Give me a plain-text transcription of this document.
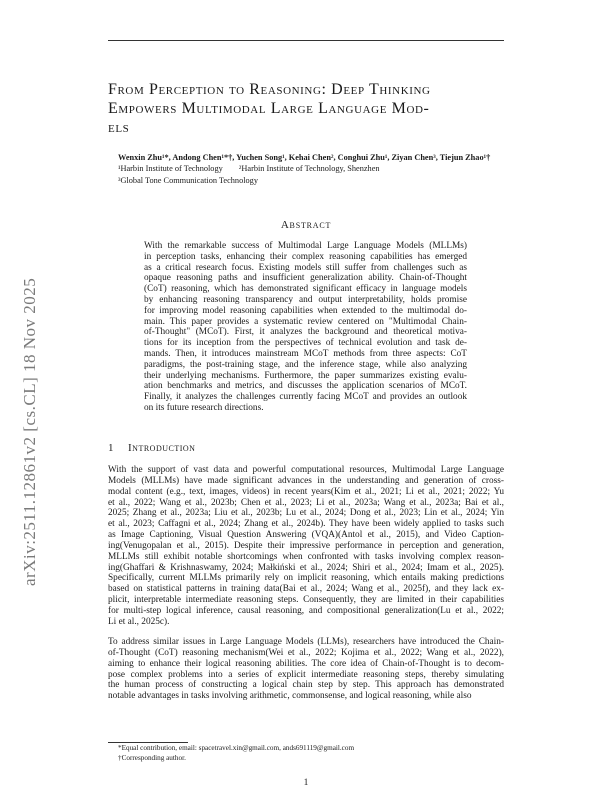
arXiv:2511.12861v2 [cs.CL] 18 Nov 2025
From Perception to Reasoning: Deep Thinking
Empowers Multimodal Large Language Mod-
els
Wenxin Zhu¹*, Andong Chen¹*†, Yuchen Song¹, Kehai Chen², Conghui Zhu¹, Ziyan Chen³, Tiejun Zhao¹†
¹Harbin Institute of Technology ²Harbin Institute of Technology, Shenzhen
³Global Tone Communication Technology
Abstract
With the remarkable success of Multimodal Large Language Models (MLLMs)
in perception tasks, enhancing their complex reasoning capabilities has emerged
as a critical research focus. Existing models still suffer from challenges such as
opaque reasoning paths and insufficient generalization ability. Chain-of-Thought
(CoT) reasoning, which has demonstrated significant efficacy in language models
by enhancing reasoning transparency and output interpretability, holds promise
for improving model reasoning capabilities when extended to the multimodal do-
main. This paper provides a systematic review centered on "Multimodal Chain-
of-Thought" (MCoT). First, it analyzes the background and theoretical motiva-
tions for its inception from the perspectives of technical evolution and task de-
mands. Then, it introduces mainstream MCoT methods from three aspects: CoT
paradigms, the post-training stage, and the inference stage, while also analyzing
their underlying mechanisms. Furthermore, the paper summarizes existing evalu-
ation benchmarks and metrics, and discusses the application scenarios of MCoT.
Finally, it analyzes the challenges currently facing MCoT and provides an outlook
on its future research directions.
1 Introduction
With the support of vast data and powerful computational resources, Multimodal Large Language
Models (MLLMs) have made significant advances in the understanding and generation of cross-
modal content (e.g., text, images, videos) in recent years(Kim et al., 2021; Li et al., 2021; 2022; Yu
et al., 2022; Wang et al., 2023b; Chen et al., 2023; Li et al., 2023a; Wang et al., 2023a; Bai et al.,
2025; Zhang et al., 2023a; Liu et al., 2023b; Lu et al., 2024; Dong et al., 2023; Lin et al., 2024; Yin
et al., 2023; Caffagni et al., 2024; Zhang et al., 2024b). They have been widely applied to tasks such
as Image Captioning, Visual Question Answering (VQA)(Antol et al., 2015), and Video Caption-
ing(Venugopalan et al., 2015). Despite their impressive performance in perception and generation,
MLLMs still exhibit notable shortcomings when confronted with tasks involving complex reason-
ing(Ghaffari & Krishnaswamy, 2024; Małkiński et al., 2024; Shiri et al., 2024; Imam et al., 2025).
Specifically, current MLLMs primarily rely on implicit reasoning, which entails making predictions
based on statistical patterns in training data(Bai et al., 2024; Wang et al., 2025f), and they lack ex-
plicit, interpretable intermediate reasoning steps. Consequently, they are limited in their capabilities
for multi-step logical inference, causal reasoning, and compositional generalization(Lu et al., 2022;
Li et al., 2025c).
To address similar issues in Large Language Models (LLMs), researchers have introduced the Chain-
of-Thought (CoT) reasoning mechanism(Wei et al., 2022; Kojima et al., 2022; Wang et al., 2022),
aiming to enhance their logical reasoning abilities. The core idea of Chain-of-Thought is to decom-
pose complex problems into a series of explicit intermediate reasoning steps, thereby simulating
the human process of constructing a logical chain step by step. This approach has demonstrated
notable advantages in tasks involving arithmetic, commonsense, and logical reasoning, while also
*Equal contribution, email: spacetravel.xin@gmail.com, ands691119@gmail.com
†Corresponding author.
1
